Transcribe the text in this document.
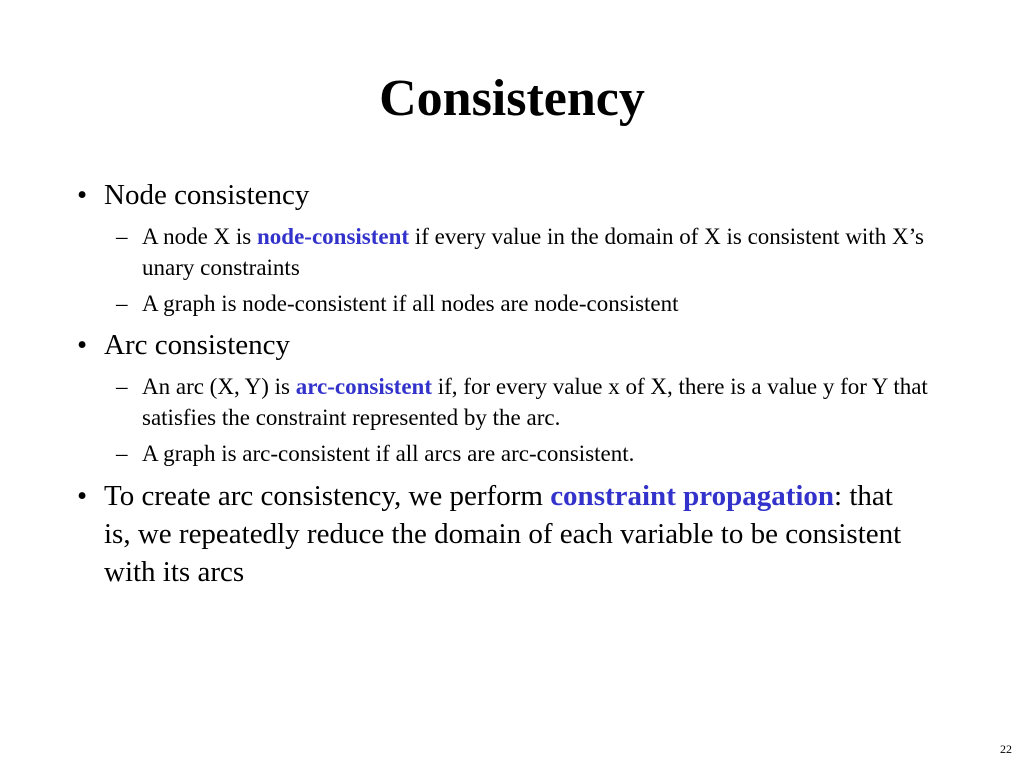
Consistency
• Node consistency
– A node X is node-consistent if every value in the domain of X is consistent with X’s unary constraints
– A graph is node-consistent if all nodes are node-consistent
• Arc consistency
– An arc (X, Y) is arc-consistent if, for every value x of X, there is a value y for Y that satisfies the constraint represented by the arc.
– A graph is arc-consistent if all arcs are arc-consistent.
• To create arc consistency, we perform constraint propagation: that is, we repeatedly reduce the domain of each variable to be consistent with its arcs
22
